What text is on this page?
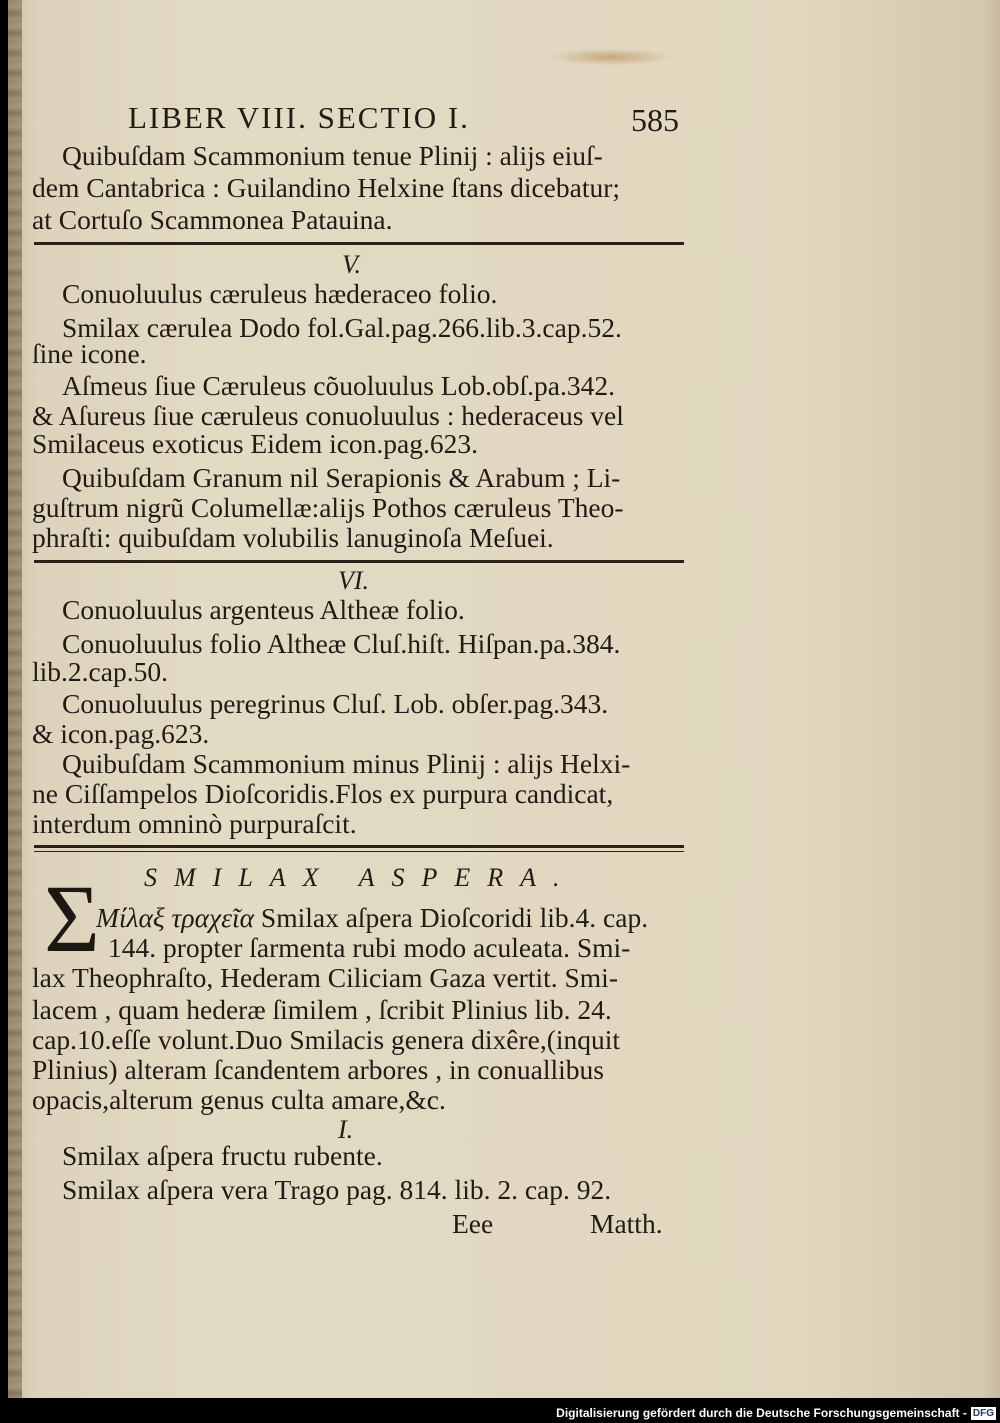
LIBER VIII. SECTIO I.	585
Quibuſdam Scammonium tenue Plinij : alijs eiuſ-
dem Cantabrica : Guilandino Helxine ſtans dicebatur;
at Cortuſo Scammonea Patauina.
V.
Conuoluulus cæruleus hæderaceo folio.
Smilax cærulea Dodo fol.Gal.pag.266.lib.3.cap.52.
ſine icone.
Aſmeus ſiue Cæruleus cõuoluulus Lob.obſ.pa.342.
& Aſureus ſiue cæruleus conuoluulus : hederaceus vel
Smilaceus exoticus Eidem icon.pag.623.
Quibuſdam Granum nil Serapionis & Arabum ; Li-
guſtrum nigrũ Columellæ:alijs Pothos cæruleus Theo-
phraſti: quibuſdam volubilis lanuginoſa Meſuei.
VI.
Conuoluulus argenteus Altheæ folio.
Conuoluulus folio Altheæ Cluſ.hiſt. Hiſpan.pa.384.
lib.2.cap.50.
Conuoluulus peregrinus Cluſ. Lob. obſer.pag.343.
& icon.pag.623.
Quibuſdam Scammonium minus Plinij : alijs Helxi-
ne Ciſſampelos Dioſcoridis.Flos ex purpura candicat,
interdum omninò purpuraſcit.
SMILAX ASPERA.
Σ
Μίλαξ τραχεῖα Smilax aſpera Dioſcoridi lib.4. cap.
144. propter ſarmenta rubi modo aculeata. Smi-
lax Theophraſto, Hederam Ciliciam Gaza vertit. Smi-
lacem , quam hederæ ſimilem , ſcribit Plinius lib. 24.
cap.10.eſſe volunt.Duo Smilacis genera dixêre,(inquit
Plinius) alteram ſcandentem arbores , in conuallibus
opacis,alterum genus culta amare,&c.
I.
Smilax aſpera fructu rubente.
Smilax aſpera vera Trago pag. 814. lib. 2. cap. 92.
Eee	Matth.
Digitalisierung gefördert durch die Deutsche Forschungsgemeinschaft - DFG
